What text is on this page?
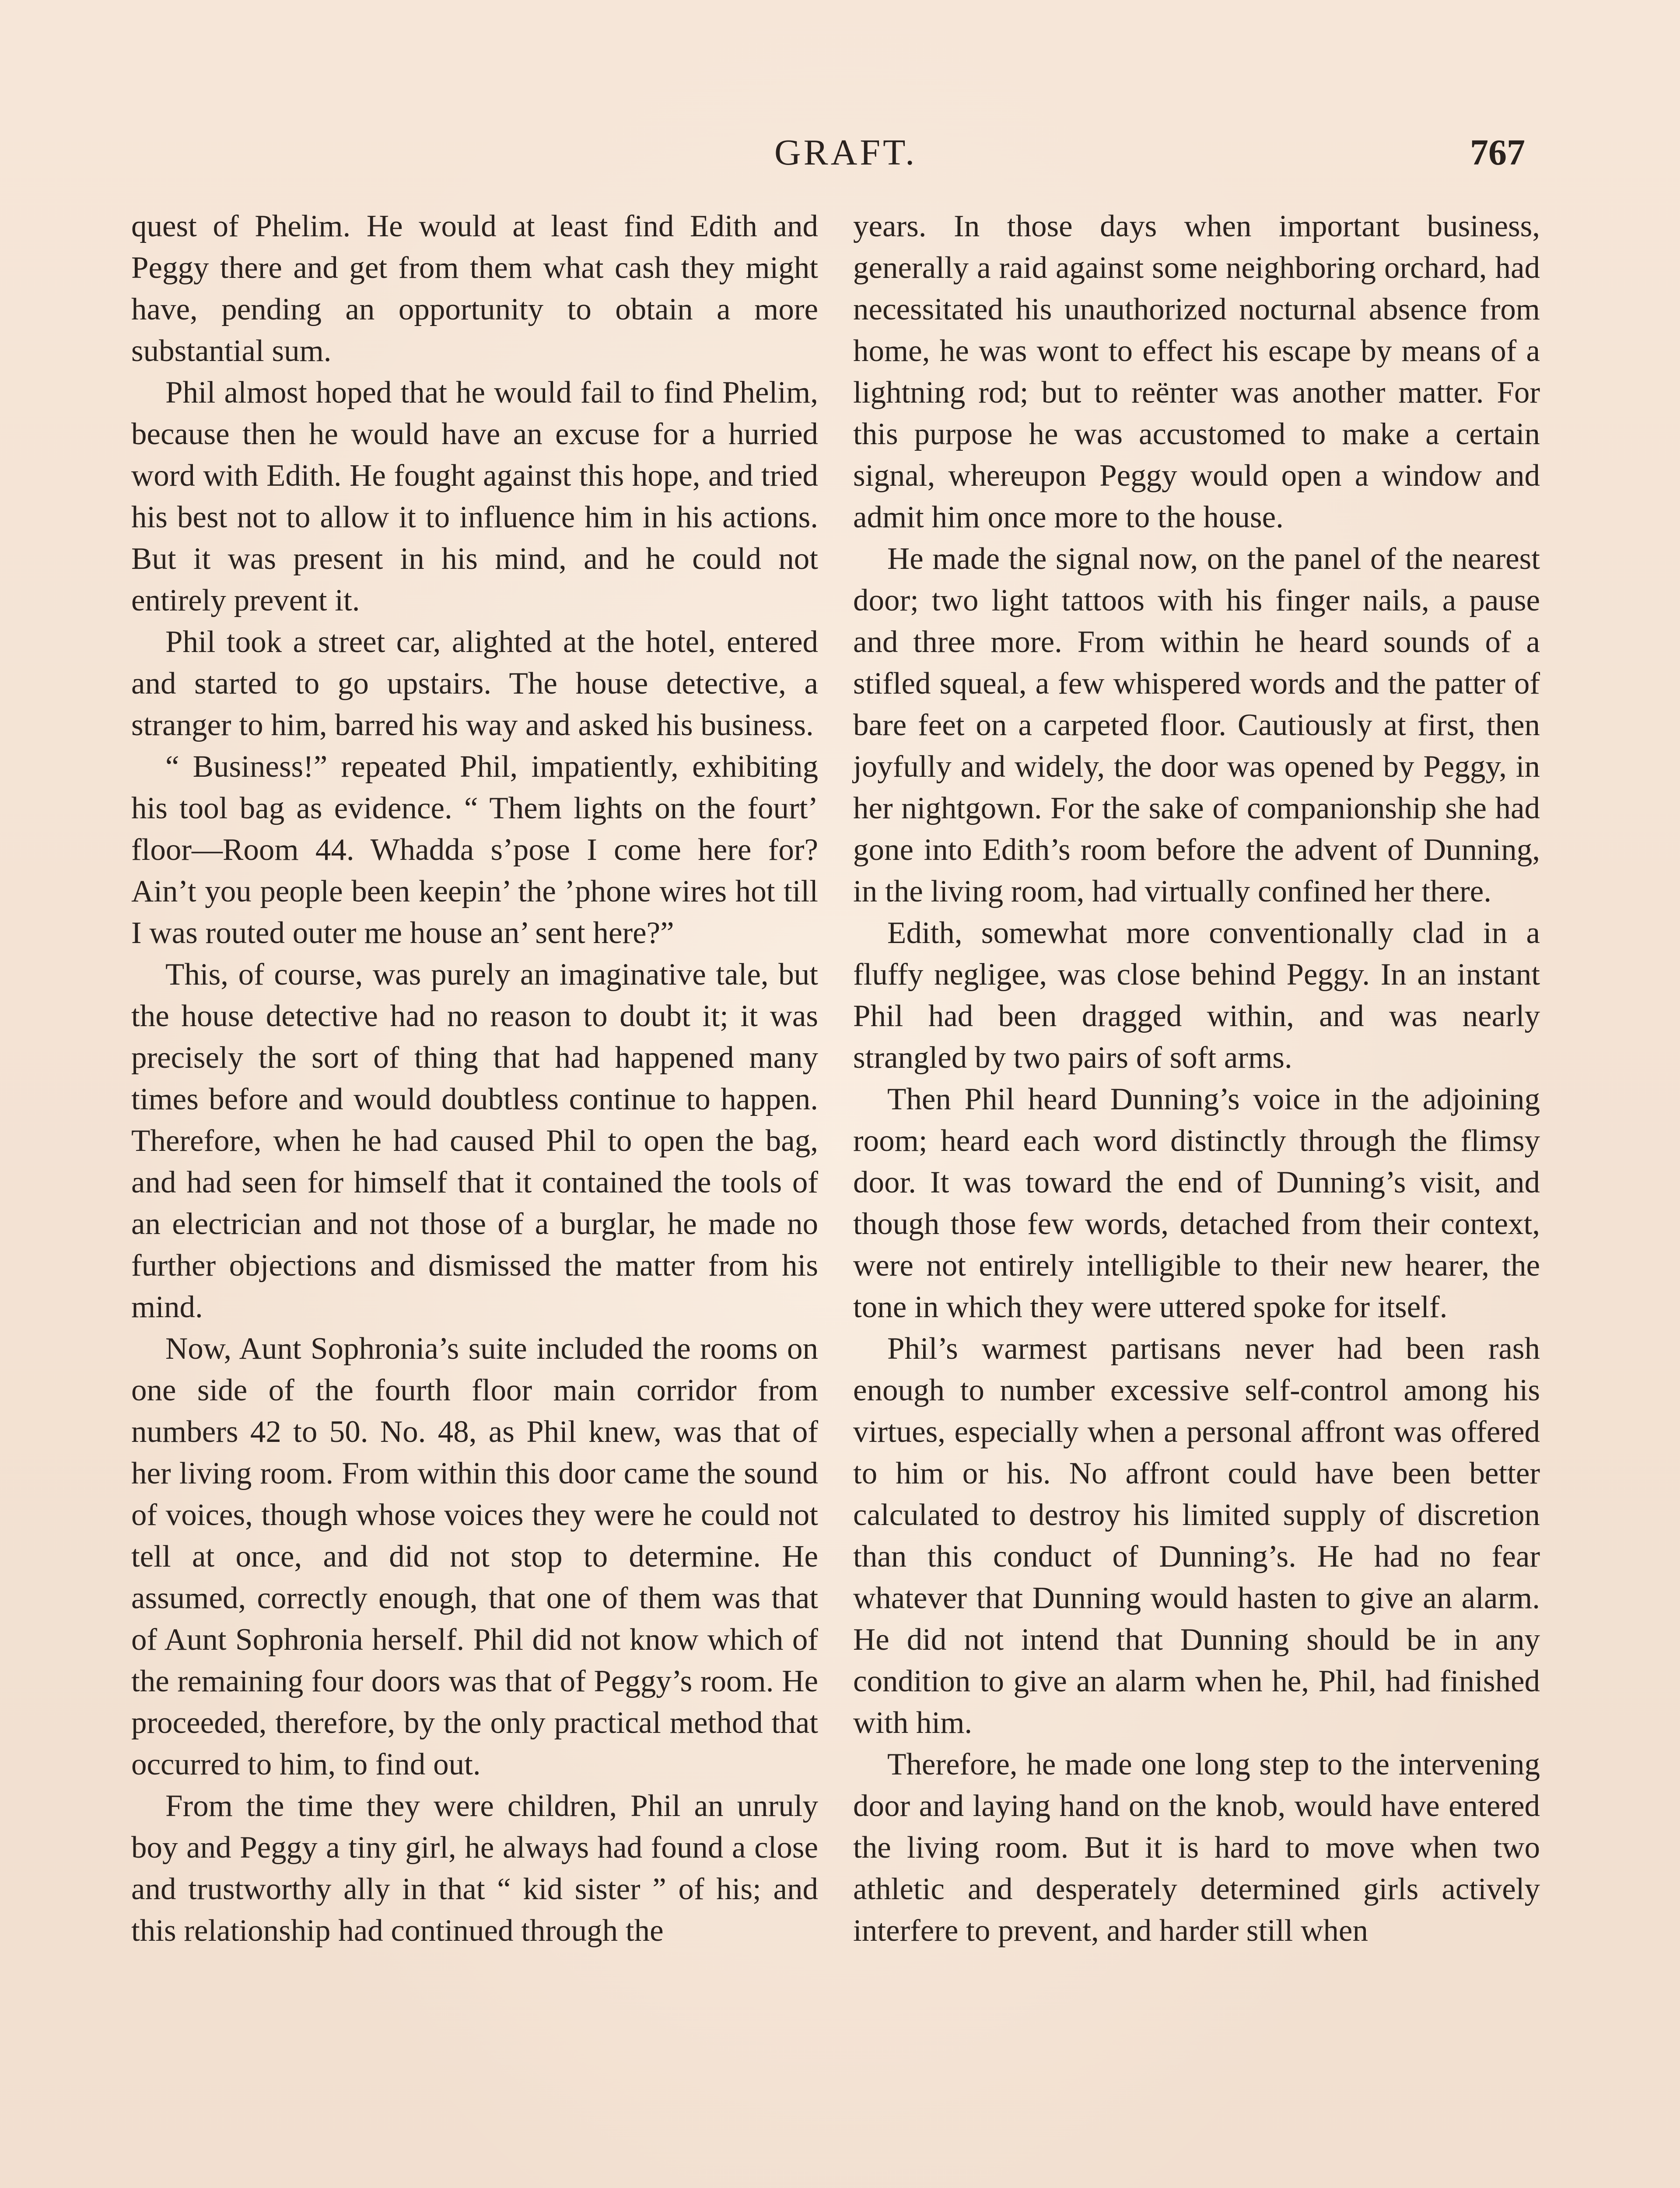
GRAFT.	767

quest of Phelim. He would at least find Edith and Peggy there and get from them what cash they might have, pending an opportunity to obtain a more substantial sum.

Phil almost hoped that he would fail to find Phelim, because then he would have an excuse for a hurried word with Edith. He fought against this hope, and tried his best not to allow it to influence him in his actions. But it was present in his mind, and he could not entirely prevent it.

Phil took a street car, alighted at the hotel, entered and started to go upstairs. The house detective, a stranger to him, barred his way and asked his business.

“ Business!” repeated Phil, impatiently, exhibiting his tool bag as evidence. “ Them lights on the fourt’ floor—Room 44. Whadda s’pose I come here for? Ain’t you people been keepin’ the ’phone wires hot till I was routed outer me house an’ sent here?”

This, of course, was purely an imaginative tale, but the house detective had no reason to doubt it; it was precisely the sort of thing that had happened many times before and would doubtless continue to happen. Therefore, when he had caused Phil to open the bag, and had seen for himself that it contained the tools of an electrician and not those of a burglar, he made no further objections and dismissed the matter from his mind.

Now, Aunt Sophronia’s suite included the rooms on one side of the fourth floor main corridor from numbers 42 to 50. No. 48, as Phil knew, was that of her living room. From within this door came the sound of voices, though whose voices they were he could not tell at once, and did not stop to determine. He assumed, correctly enough, that one of them was that of Aunt Sophronia herself. Phil did not know which of the remaining four doors was that of Peggy’s room. He proceeded, therefore, by the only practical method that occurred to him, to find out.

From the time they were children, Phil an unruly boy and Peggy a tiny girl, he always had found a close and trustworthy ally in that “ kid sister ” of his; and this relationship had continued through the

years. In those days when important business, generally a raid against some neighboring orchard, had necessitated his unauthorized nocturnal absence from home, he was wont to effect his escape by means of a lightning rod; but to reënter was another matter. For this purpose he was accustomed to make a certain signal, whereupon Peggy would open a window and admit him once more to the house.

He made the signal now, on the panel of the nearest door; two light tattoos with his finger nails, a pause and three more. From within he heard sounds of a stifled squeal, a few whispered words and the patter of bare feet on a carpeted floor. Cautiously at first, then joyfully and widely, the door was opened by Peggy, in her nightgown. For the sake of companionship she had gone into Edith’s room before the advent of Dunning, in the living room, had virtually confined her there.

Edith, somewhat more conventionally clad in a fluffy negligee, was close behind Peggy. In an instant Phil had been dragged within, and was nearly strangled by two pairs of soft arms.

Then Phil heard Dunning’s voice in the adjoining room; heard each word distinctly through the flimsy door. It was toward the end of Dunning’s visit, and though those few words, detached from their context, were not entirely intelligible to their new hearer, the tone in which they were uttered spoke for itself.

Phil’s warmest partisans never had been rash enough to number excessive self-control among his virtues, especially when a personal affront was offered to him or his. No affront could have been better calculated to destroy his limited supply of discretion than this conduct of Dunning’s. He had no fear whatever that Dunning would hasten to give an alarm. He did not intend that Dunning should be in any condition to give an alarm when he, Phil, had finished with him.

Therefore, he made one long step to the intervening door and laying hand on the knob, would have entered the living room. But it is hard to move when two athletic and desperately determined girls actively interfere to prevent, and harder still when
